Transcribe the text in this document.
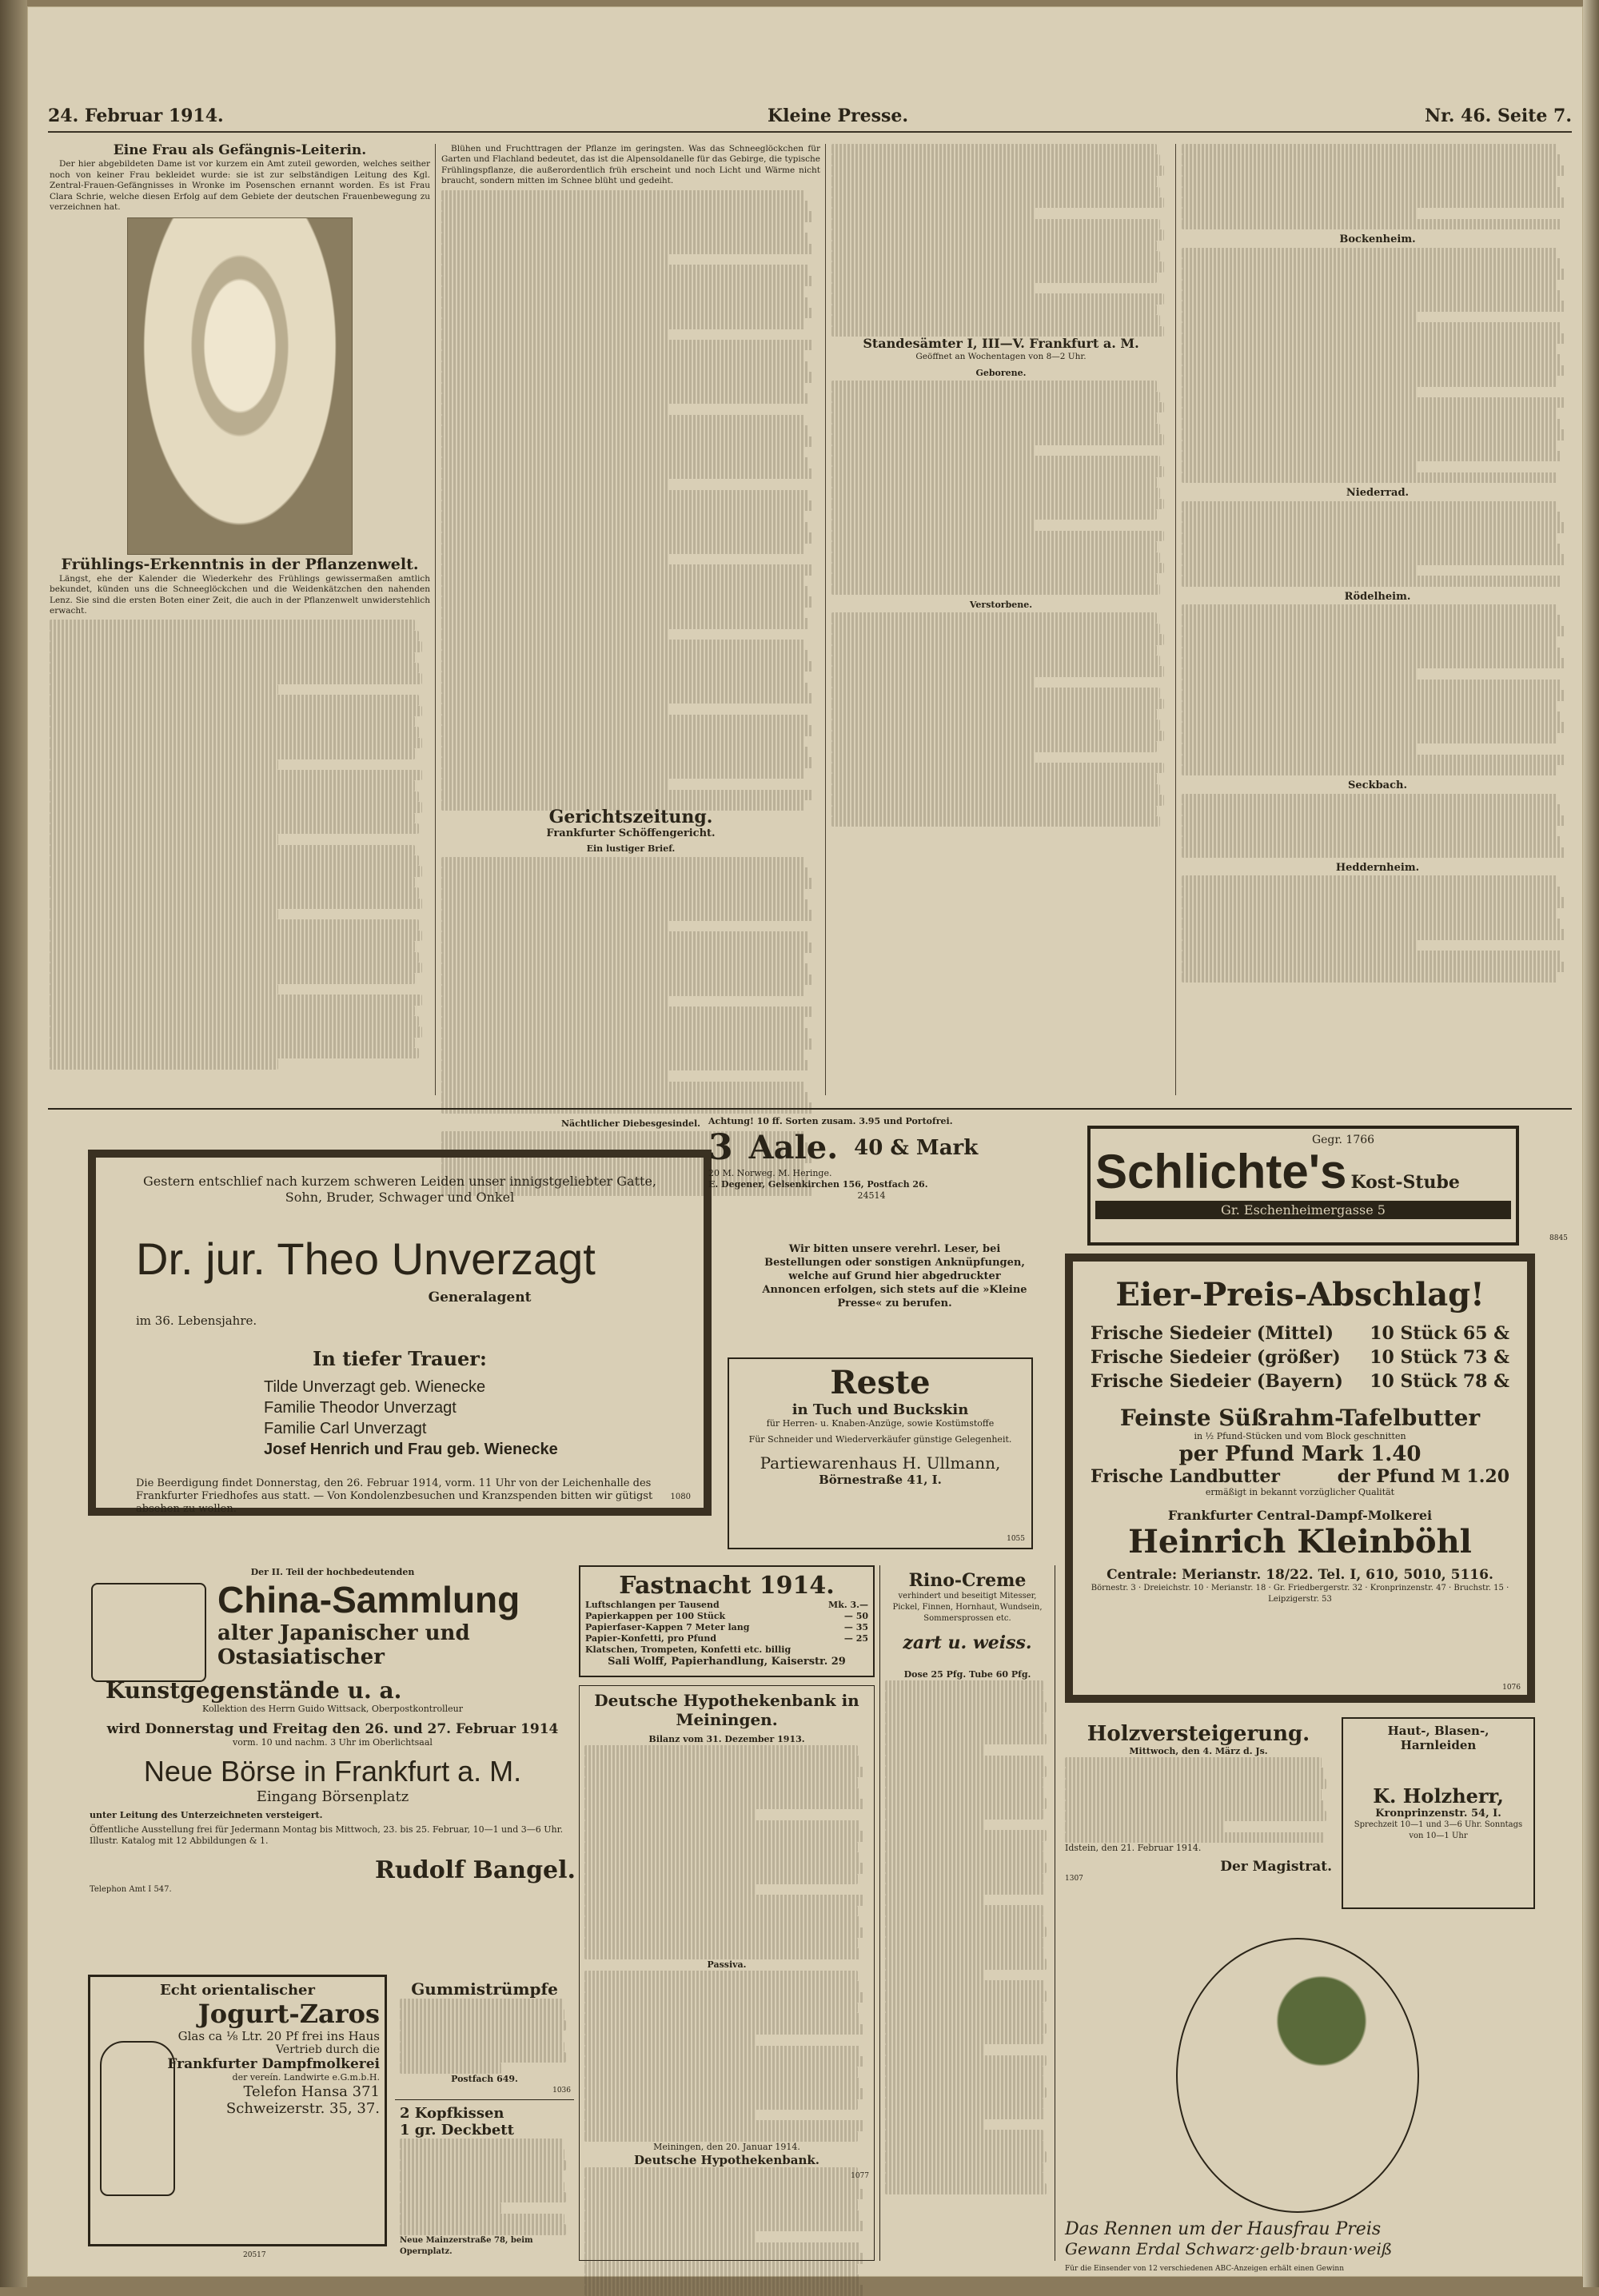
24. Februar 1914.	Kleine Presse.	Nr. 46. Seite 7.
Eine Frau als Gefängnis-Leiterin.

Der hier abgebildeten Dame ist vor kurzem ein Amt zuteil geworden, welches seither noch von keiner Frau bekleidet wurde: sie ist zur selbständigen Leitung des Kgl. Zentral-Frauen-Gefängnisses in Wronke im Posenschen ernannt worden. Es ist Frau Clara Schrie, welche diesen Erfolg auf dem Gebiete der deutschen Frauenbewegung zu verzeichnen hat.

Frühlings-Erkenntnis in der Pflanzenwelt.

Längst, ehe der Kalender die Wiederkehr des Frühlings gewissermaßen amtlich bekundet, künden uns die Schneeglöckchen und die Weidenkätzchen den nahenden Lenz. Sie sind die ersten Boten einer Zeit, die auch in der Pflanzenwelt unwiderstehlich erwacht.

Blühen und Fruchttragen der Pflanze im geringsten. Was das Schneeglöckchen für Garten und Flachland bedeutet, das ist die Alpensoldanelle für das Gebirge, die typische Frühlingspflanze, die außerordentlich früh erscheint und noch Licht und Wärme nicht braucht, sondern mitten im Schnee blüht und gedeiht.

Gerichtszeitung.
Frankfurter Schöffengericht.
Ein lustiger Brief.
Nächtlicher Diebesgesindel.
Standesämter I, III—V. Frankfurt a. M.

Geöffnet an Wochentagen von 8—2 Uhr.

Geborene.
Verstorbene.
Bockenheim.
Niederrad.
Rödelheim.
Seckbach.
Heddernheim.
Gestern entschlief nach kurzem schweren Leiden unser innigstgeliebter Gatte, Sohn, Bruder, Schwager und Onkel
Dr. jur. Theo Unverzagt
Generalagent
im 36. Lebensjahre.
In tiefer Trauer:
Tilde Unverzagt geb. Wienecke
Familie Theodor Unverzagt
Familie Carl Unverzagt
Josef Henrich und Frau geb. Wienecke
Die Beerdigung findet Donnerstag, den 26. Februar 1914, vorm. 11 Uhr von der Leichenhalle des Frankfurter Friedhofes aus statt. — Von Kondolenzbesuchen und Kranzspenden bitten wir gütigst absehen zu wollen.
1080
Achtung! 10 ff. Sorten zusam. 3.95 und Portofrei.
3 Aale. 40 & Mark
20 M. Norweg. M. Heringe.
E. Degener, Gelsenkirchen 156, Postfach 26.
24514
Wir bitten unsere verehrl. Leser, bei Bestellungen oder sonstigen Anknüpfungen, welche auf Grund hier abgedruckter Annoncen erfolgen, sich stets auf die »Kleine Presse« zu berufen.
Reste
in Tuch und Buckskin
für Herren- u. Knaben-Anzüge, sowie Kostümstoffe
Für Schneider und Wiederverkäufer günstige Gelegenheit.
Partiewarenhaus H. Ullmann,
Börnestraße 41, I.
1055
Gegr. 1766
Schlichte's Kost-Stube
Gr. Eschenheimergasse 5
8845
Eier-Preis-Abschlag!
Frische Siedeier (Mittel) 10 Stück 65 &
Frische Siedeier (größer) 10 Stück 73 &
Frische Siedeier (Bayern) 10 Stück 78 &
Feinste Süßrahm-Tafelbutter
in ½ Pfund-Stücken und vom Block geschnitten
per Pfund Mark 1.40
Frische Landbutter	der Pfund M 1.20
ermäßigt in bekannt vorzüglicher Qualität
Frankfurter Central-Dampf-Molkerei
Heinrich Kleinböhl
Centrale: Merianstr. 18/22. Tel. I, 610, 5010, 5116.
Börnestr. 3 · Dreieichstr. 10 · Merianstr. 18 · Gr. Friedbergerstr. 32 · Kronprinzenstr. 47 · Bruchstr. 15 · Leipzigerstr. 53
1076
Der II. Teil der hochbedeutenden
China-Sammlung
alter Japanischer und Ostasiatischer
Kunstgegenstände u. a.
Kollektion des Herrn Guido Wittsack, Oberpostkontrolleur
wird Donnerstag und Freitag den 26. und 27. Februar 1914
vorm. 10 und nachm. 3 Uhr im Oberlichtsaal
Neue Börse in Frankfurt a. M.
Eingang Börsenplatz
unter Leitung des Unterzeichneten versteigert.
Öffentliche Ausstellung frei für Jedermann Montag bis Mittwoch, 23. bis 25. Februar, 10—1 und 3—6 Uhr. Illustr. Katalog mit 12 Abbildungen & 1.
Rudolf Bangel.
Telephon Amt I 547.
Fastnacht 1914.
Luftschlangen per Tausend	Mk. 3.—
Papierkappen per 100 Stück	— 50
Papierfaser-Kappen 7 Meter lang	— 35
Papier-Konfetti, pro Pfund	— 25
Klatschen, Trompeten, Konfetti etc. billig
Sali Wolff, Papierhandlung, Kaiserstr. 29
Deutsche Hypothekenbank in Meiningen.
Bilanz vom 31. Dezember 1913.
Passiva.
Meiningen, den 20. Januar 1914.
Deutsche Hypothekenbank.
1077
Rino-Creme
verhindert und beseitigt Mitesser, Pickel, Finnen, Hornhaut, Wundsein, Sommersprossen etc.
zart u. weiss.
Dose 25 Pfg. Tube 60 Pfg.
Holzversteigerung.
Mittwoch, den 4. März d. Js.
Idstein, den 21. Februar 1914.
Der Magistrat.
1307
Haut-, Blasen-, Harnleiden
K. Holzherr,
Kronprinzenstr. 54, I.
Sprechzeit 10—1 und 3—6 Uhr. Sonntags von 10—1 Uhr
Das Rennen um der Hausfrau Preis
Gewann Erdal Schwarz·gelb·braun·weiß
Für die Einsender von 12 verschiedenen ABC-Anzeigen erhält einen Gewinn
Echt orientalischer
Jogurt-Zaros
Glas ca ⅛ Ltr. 20 Pf frei ins Haus
Vertrieb durch die
Frankfurter Dampfmolkerei
der vereín. Landwirte e.G.m.b.H.
Telefon Hansa 371
Schweizerstr. 35, 37.
20517
Gummistrümpfe
Postfach 649.
1036
2 Kopfkissen
1 gr. Deckbett
Neue Mainzerstraße 78, beim Opernplatz.
